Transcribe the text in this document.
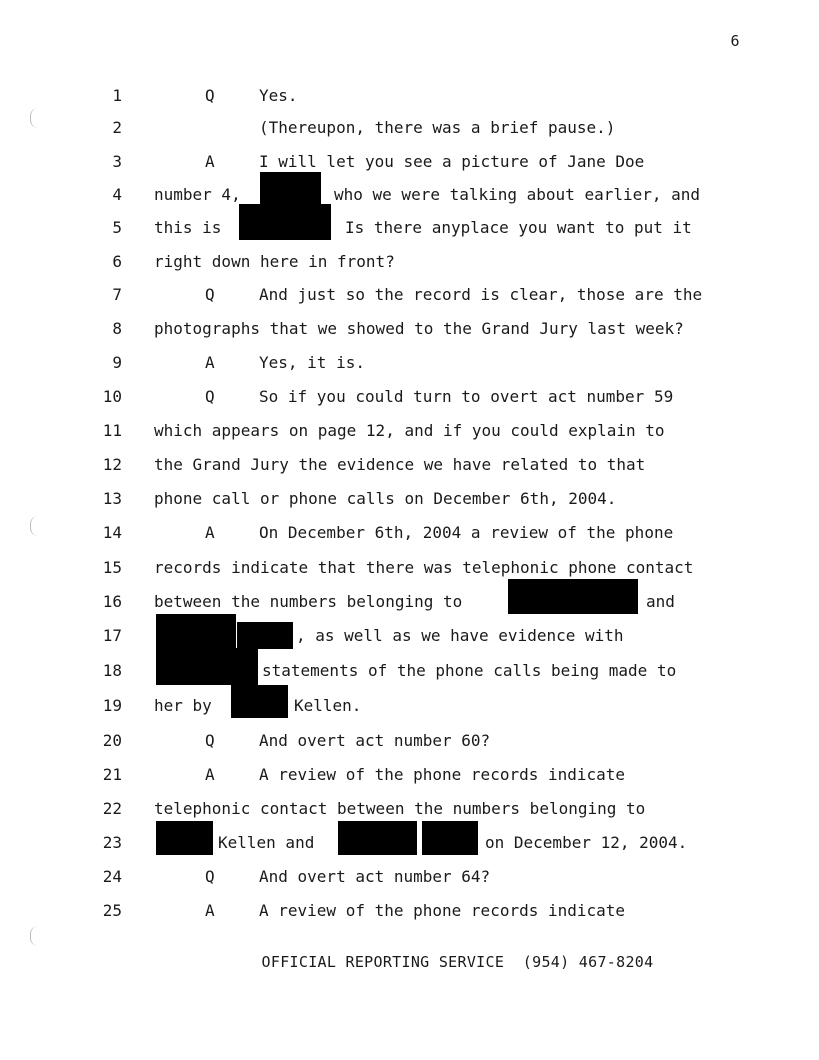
6
1	Q	Yes.
2	(Thereupon, there was a brief pause.)
3	A	I will let you see a picture of Jane Doe
4 number 4,	who we were talking about earlier, and
5 this is	Is there anyplace you want to put it
6 right down here in front?
7	Q	And just so the record is clear, those are the
8 photographs that we showed to the Grand Jury last week?
9	A	Yes, it is.
10	Q	So if you could turn to overt act number 59
11 which appears on page 12, and if you could explain to
12 the Grand Jury the evidence we have related to that
13 phone call or phone calls on December 6th, 2004.
14	A	On December 6th, 2004 a review of the phone
15 records indicate that there was telephonic phone contact
16 between the numbers belonging to	and
17	, as well as we have evidence with
18	statements of the phone calls being made to
19 her by	Kellen.
20	Q	And overt act number 60?
21	A	A review of the phone records indicate
22 telephonic contact between the numbers belonging to
23	Kellen and	on December 12, 2004.
24	Q	And overt act number 64?
25	A	A review of the phone records indicate
OFFICIAL REPORTING SERVICE  (954) 467-8204
